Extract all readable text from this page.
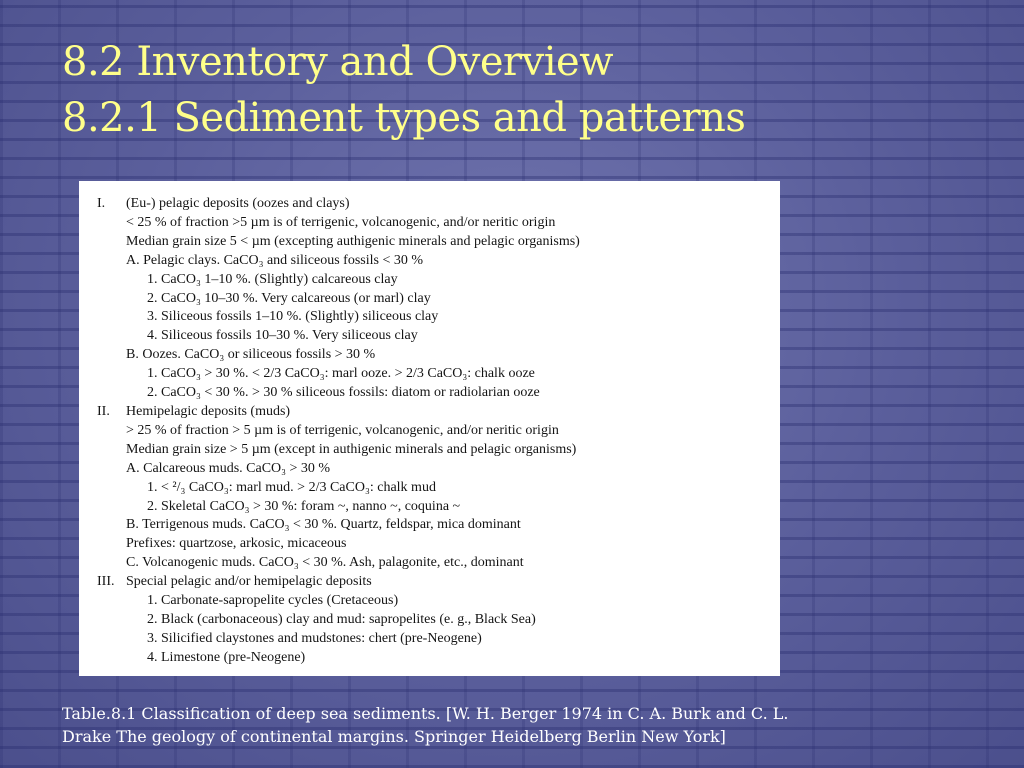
8.2 Inventory and Overview
8.2.1 Sediment types and patterns
I.	(Eu-) pelagic deposits (oozes and clays)
< 25 % of fraction >5 µm is of terrigenic, volcanogenic, and/or neritic origin
Median grain size 5 < µm (excepting authigenic minerals and pelagic organisms)
A. Pelagic clays. CaCO₃ and siliceous fossils < 30 %
1. CaCO₃ 1–10 %. (Slightly) calcareous clay
2. CaCO₃ 10–30 %. Very calcareous (or marl) clay
3. Siliceous fossils 1–10 %. (Slightly) siliceous clay
4. Siliceous fossils 10–30 %. Very siliceous clay
B. Oozes. CaCO₃ or siliceous fossils > 30 %
1. CaCO₃ > 30 %. < 2/3 CaCO₃: marl ooze. > 2/3 CaCO₃: chalk ooze
2. CaCO₃ < 30 %. > 30 % siliceous fossils: diatom or radiolarian ooze
II.	Hemipelagic deposits (muds)
> 25 % of fraction > 5 µm is of terrigenic, volcanogenic, and/or neritic origin
Median grain size > 5 µm (except in authigenic minerals and pelagic organisms)
A. Calcareous muds. CaCO₃ > 30 %
1. < ²/₃ CaCO₃: marl mud. > 2/3 CaCO₃: chalk mud
2. Skeletal CaCO₃ > 30 %: foram ~, nanno ~, coquina ~
B. Terrigenous muds. CaCO₃ < 30 %. Quartz, feldspar, mica dominant
Prefixes: quartzose, arkosic, micaceous
C. Volcanogenic muds. CaCO₃ < 30 %. Ash, palagonite, etc., dominant
III. Special pelagic and/or hemipelagic deposits
1. Carbonate-sapropelite cycles (Cretaceous)
2. Black (carbonaceous) clay and mud: sapropelites (e. g., Black Sea)
3. Silicified claystones and mudstones: chert (pre-Neogene)
4. Limestone (pre-Neogene)

Table.8.1 Classification of deep sea sediments. [W. H. Berger 1974 in C. A. Burk and C. L.
Drake The geology of continental margins. Springer Heidelberg Berlin New York]
